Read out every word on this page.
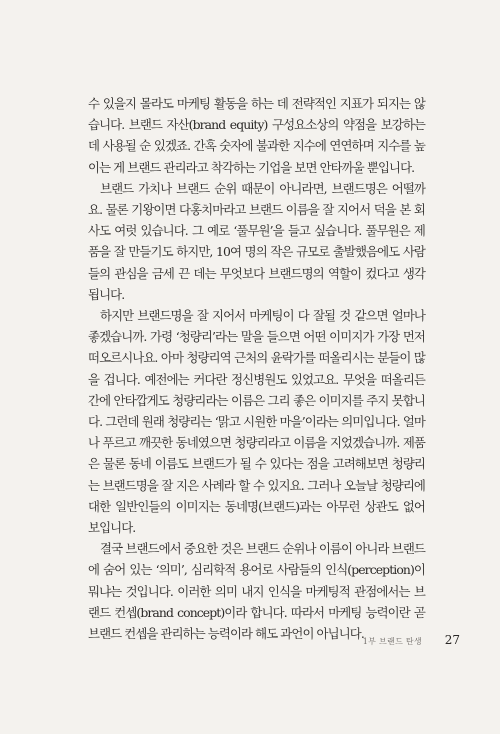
수 있을지 몰라도 마케팅 활동을 하는 데 전략적인 지표가 되지는 않습니다. 브랜드 자산(brand equity) 구성요소상의 약점을 보강하는 데 사용될 순 있겠죠. 간혹 숫자에 불과한 지수에 연연하며 지수를 높이는 게 브랜드 관리라고 착각하는 기업을 보면 안타까울 뿐입니다.

브랜드 가치나 브랜드 순위 때문이 아니라면, 브랜드명은 어떨까요. 물론 기왕이면 다홍치마라고 브랜드 이름을 잘 지어서 덕을 본 회사도 여럿 있습니다. 그 예로 ‘풀무원’을 들고 싶습니다. 풀무원은 제품을 잘 만들기도 하지만, 10여 명의 작은 규모로 출발했음에도 사람들의 관심을 금세 끈 데는 무엇보다 브랜드명의 역할이 컸다고 생각됩니다.

하지만 브랜드명을 잘 지어서 마케팅이 다 잘될 것 같으면 얼마나 좋겠습니까. 가령 ‘청량리’라는 말을 들으면 어떤 이미지가 가장 먼저 떠오르시나요. 아마 청량리역 근처의 윤락가를 떠올리시는 분들이 많을 겁니다. 예전에는 커다란 정신병원도 있었고요. 무엇을 떠올리든 간에 안타깝게도 청량리라는 이름은 그리 좋은 이미지를 주지 못합니다. 그런데 원래 청량리는 ‘맑고 시원한 마을’이라는 의미입니다. 얼마나 푸르고 깨끗한 동네였으면 청량리라고 이름을 지었겠습니까. 제품은 물론 동네 이름도 브랜드가 될 수 있다는 점을 고려해보면 청량리는 브랜드명을 잘 지은 사례라 할 수 있지요. 그러나 오늘날 청량리에 대한 일반인들의 이미지는 동네명(브랜드)과는 아무런 상관도 없어 보입니다.

결국 브랜드에서 중요한 것은 브랜드 순위나 이름이 아니라 브랜드에 숨어 있는 ‘의미’, 심리학적 용어로 사람들의 인식(perception)이 뭐냐는 것입니다. 이러한 의미 내지 인식을 마케팅적 관점에서는 브랜드 컨셉(brand concept)이라 합니다. 따라서 마케팅 능력이란 곧 브랜드 컨셉을 관리하는 능력이라 해도 과언이 아닙니다.

1부 브랜드 탄생 27
